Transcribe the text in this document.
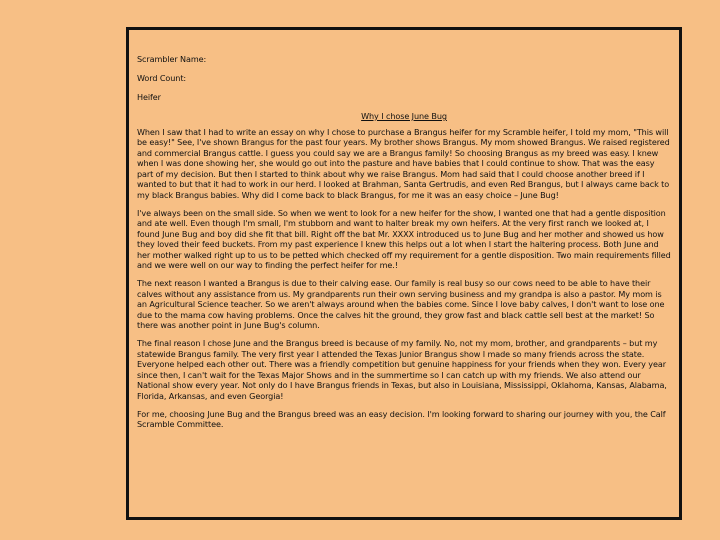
Scrambler Name:
Word Count:
Heifer
Why I chose June Bug

When I saw that I had to write an essay on why I chose to purchase a Brangus heifer for my Scramble heifer, I told my mom, "This will be easy!" See, I've shown Brangus for the past four years. My brother shows Brangus. My mom showed Brangus. We raised registered and commercial Brangus cattle. I guess you could say we are a Brangus family! So choosing Brangus as my breed was easy. I knew when I was done showing her, she would go out into the pasture and have babies that I could continue to show. That was the easy part of my decision. But then I started to think about why we raise Brangus. Mom had said that I could choose another breed if I wanted to but that it had to work in our herd. I looked at Brahman, Santa Gertrudis, and even Red Brangus, but I always came back to my black Brangus babies. Why did I come back to black Brangus, for me it was an easy choice – June Bug!

I've always been on the small side. So when we went to look for a new heifer for the show, I wanted one that had a gentle disposition and ate well. Even though I'm small, I'm stubborn and want to halter break my own heifers. At the very first ranch we looked at, I found June Bug and boy did she fit that bill. Right off the bat Mr. XXXX introduced us to June Bug and her mother and showed us how they loved their feed buckets. From my past experience I knew this helps out a lot when I start the haltering process. Both June and her mother walked right up to us to be petted which checked off my requirement for a gentle disposition. Two main requirements filled and we were well on our way to finding the perfect heifer for me.!

The next reason I wanted a Brangus is due to their calving ease. Our family is real busy so our cows need to be able to have their calves without any assistance from us. My grandparents run their own serving business and my grandpa is also a pastor. My mom is an Agricultural Science teacher. So we aren't always around when the babies come. Since I love baby calves, I don't want to lose one due to the mama cow having problems. Once the calves hit the ground, they grow fast and black cattle sell best at the market! So there was another point in June Bug's column.

The final reason I chose June and the Brangus breed is because of my family. No, not my mom, brother, and grandparents – but my statewide Brangus family. The very first year I attended the Texas Junior Brangus show I made so many friends across the state. Everyone helped each other out. There was a friendly competition but genuine happiness for your friends when they won. Every year since then, I can't wait for the Texas Major Shows and in the summertime so I can catch up with my friends. We also attend our National show every year. Not only do I have Brangus friends in Texas, but also in Louisiana, Mississippi, Oklahoma, Kansas, Alabama, Florida, Arkansas, and even Georgia!

For me, choosing June Bug and the Brangus breed was an easy decision. I'm looking forward to sharing our journey with you, the Calf Scramble Committee.
